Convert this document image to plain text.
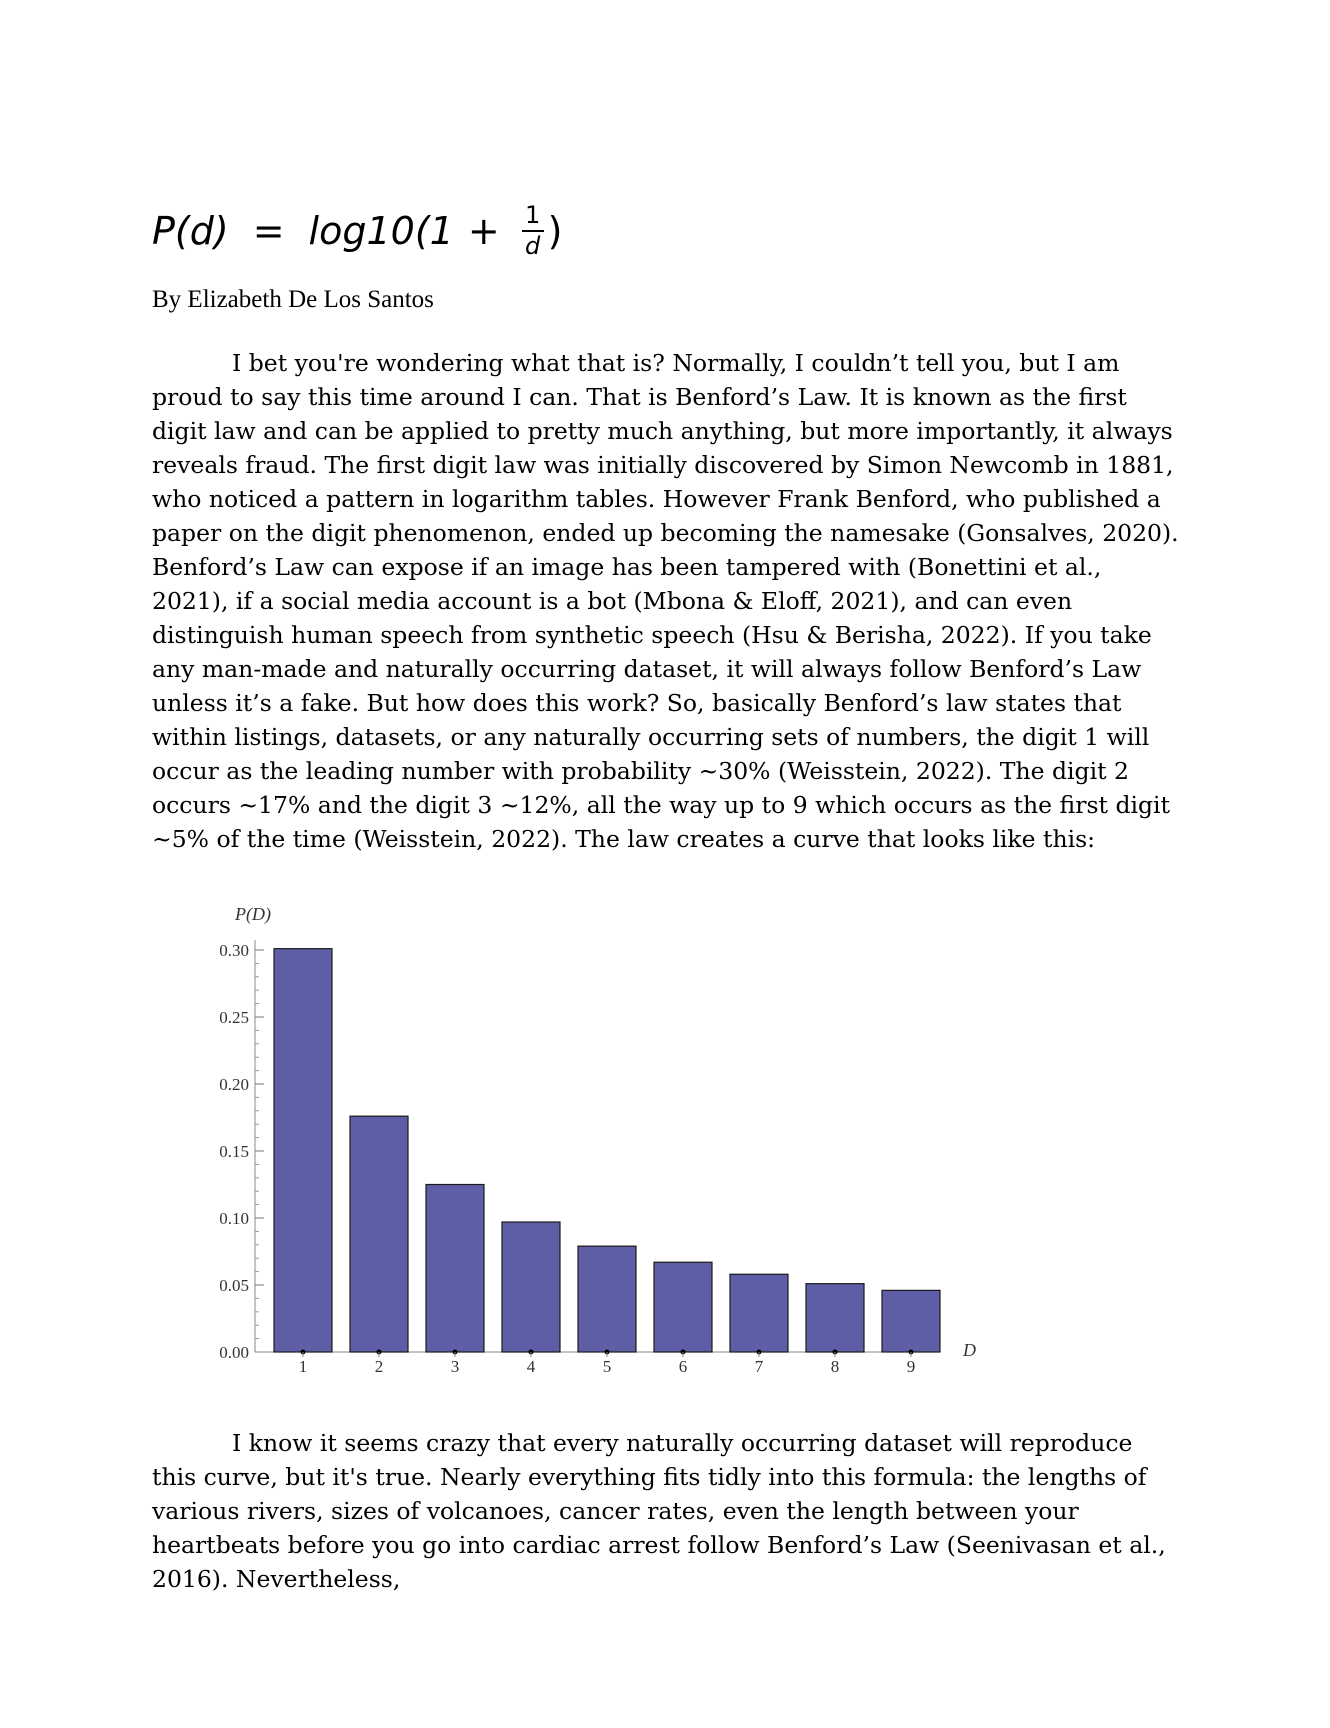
$P(d) = \log 10(1 + \frac{1}{d}$ )
By Elizabeth De Los Santos

I bet you're wondering what that is? Normally, I couldn’t tell you, but I am proud to say this time around I can. That is Benford’s Law. It is known as the first digit law and can be applied to pretty much anything, but more importantly, it always reveals fraud. The first digit law was initially discovered by Simon Newcomb in 1881, who noticed a pattern in logarithm tables. However Frank Benford, who published a paper on the digit phenomenon, ended up becoming the namesake (Gonsalves, 2020). Benford’s Law can expose if an image has been tampered with (Bonettini et al., 2021), if a social media account is a bot (Mbona & Eloff, 2021), and can even distinguish human speech from synthetic speech (Hsu & Berisha, 2022). If you take any man-made and naturally occurring dataset, it will always follow Benford’s Law unless it’s a fake. But how does this work? So, basically Benford’s law states that within listings, datasets, or any naturally occurring sets of numbers, the digit 1 will occur as the leading number with probability ~30% (Weisstein, 2022). The digit 2 occurs ~17% and the digit 3 ~12%, all the way up to 9 which occurs as the first digit ~5% of the time (Weisstein, 2022). The law creates a curve that looks like this:

0.00
0.05
0.10
0.15
0.20
0.25
0.30
P(D)
D
1	2	3	4	5	6	7	8	9

I know it seems crazy that every naturally occurring dataset will reproduce this curve, but it's true. Nearly everything fits tidly into this formula: the lengths of various rivers, sizes of volcanoes, cancer rates, even the length between your heartbeats before you go into cardiac arrest follow Benford’s Law (Seenivasan et al., 2016). Nevertheless,
